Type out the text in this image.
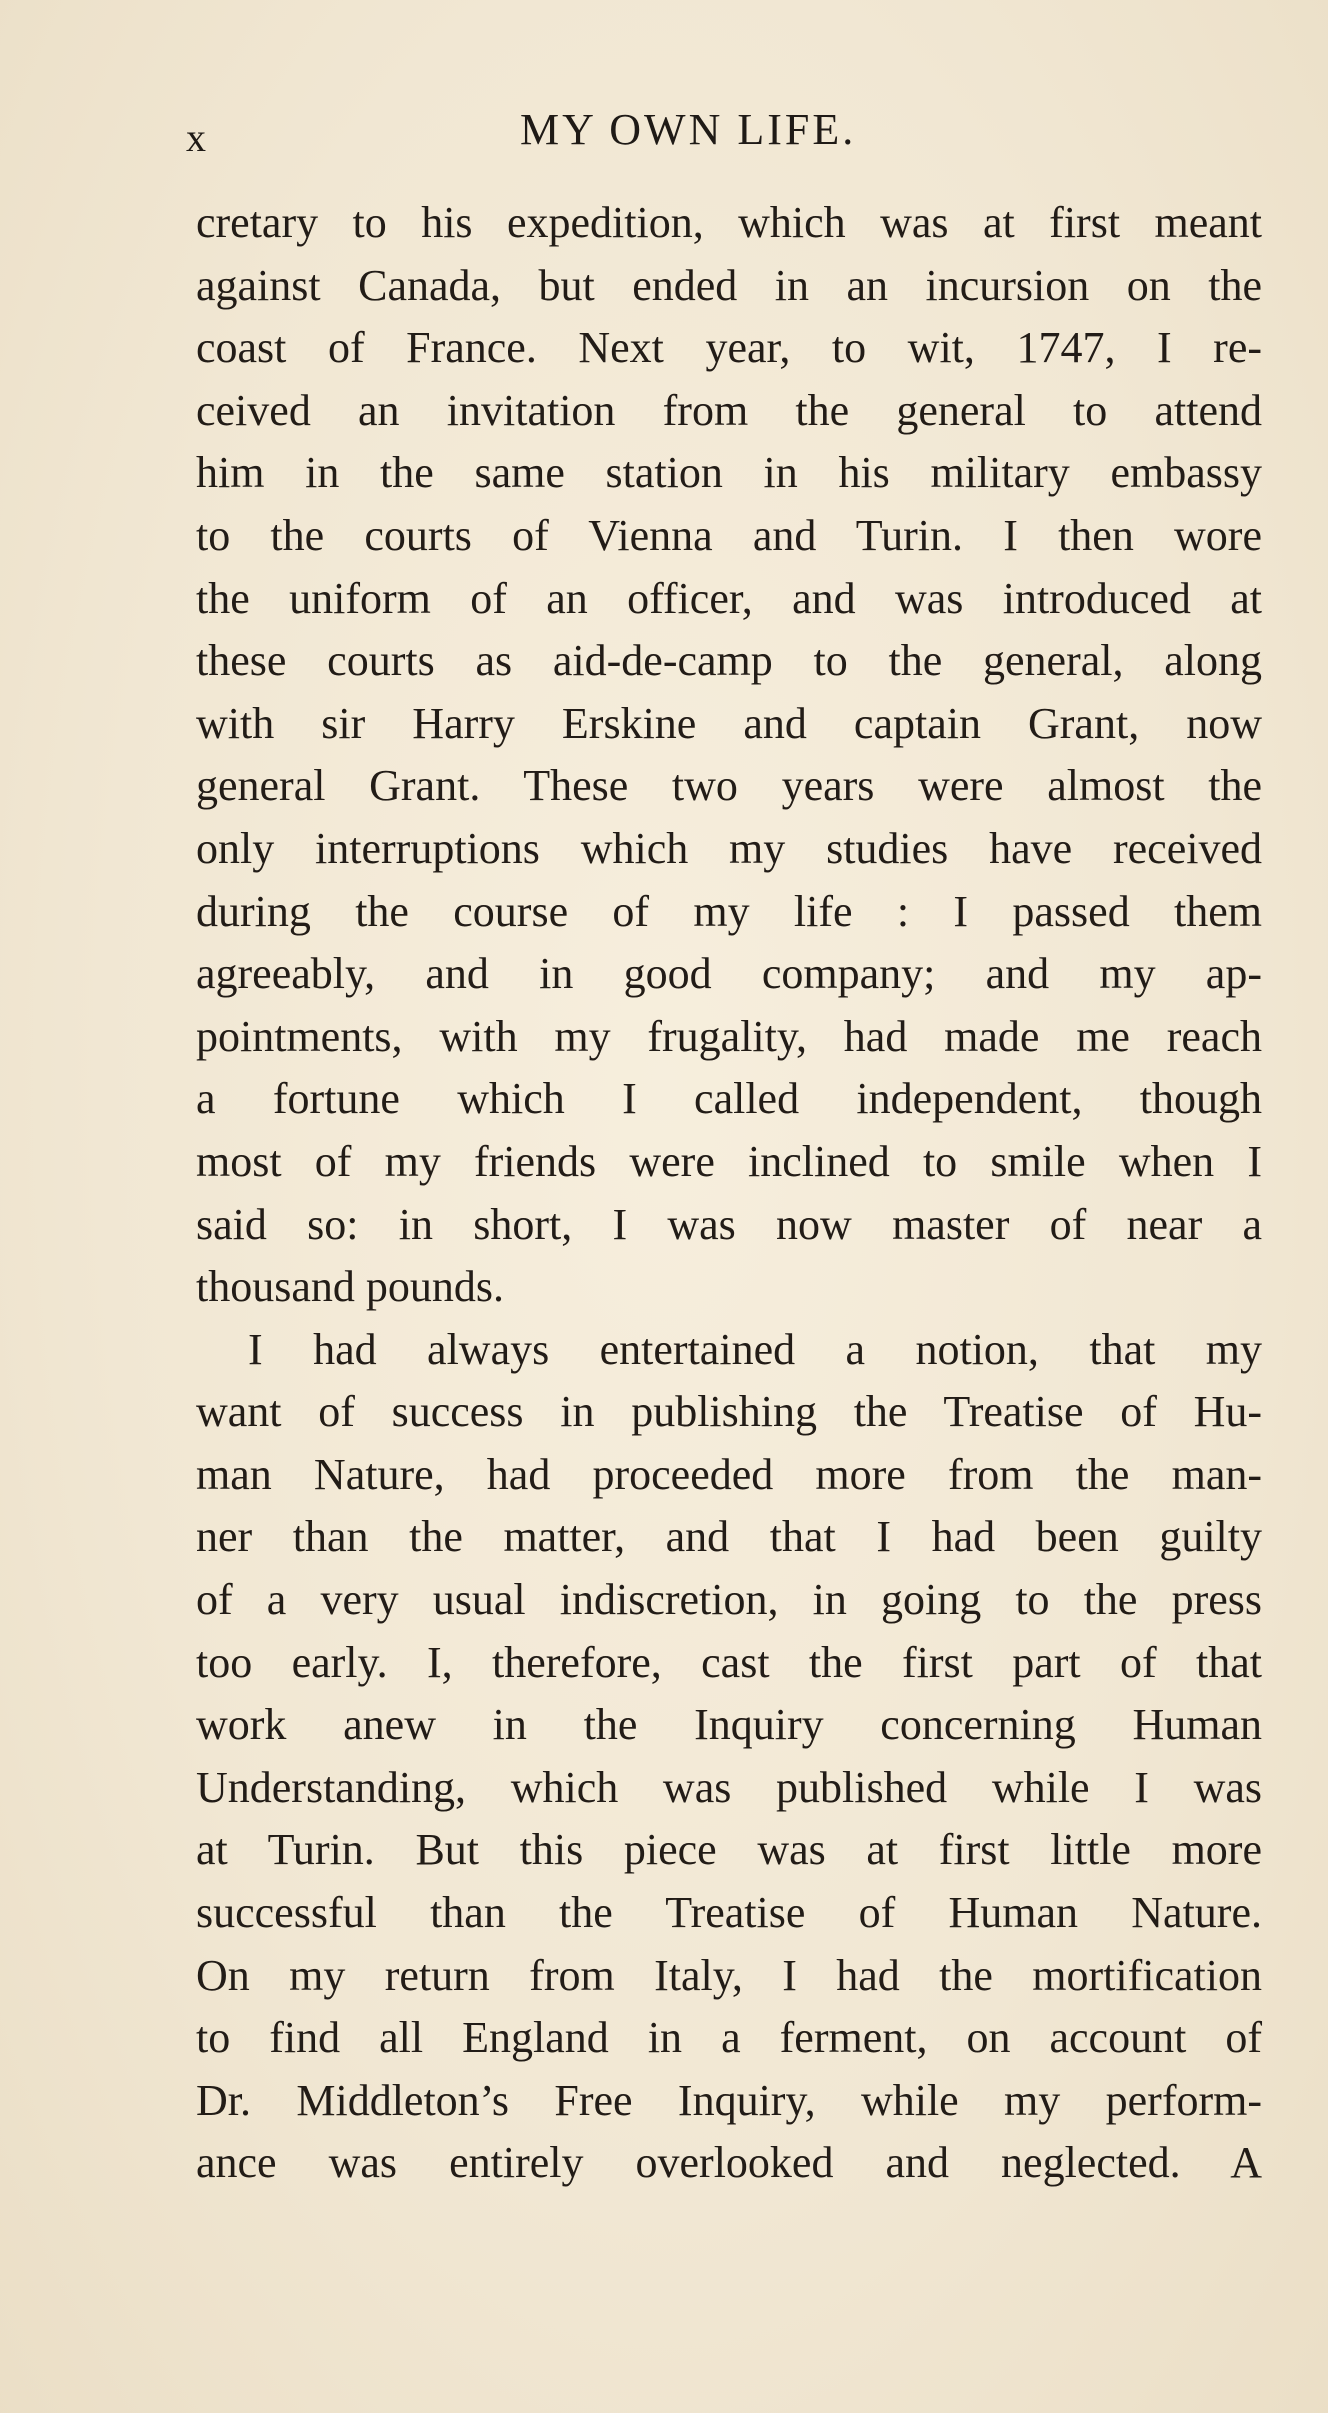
x	MY OWN LIFE.
cretary to his expedition, which was at first meant
against Canada, but ended in an incursion on the
coast of France. Next year, to wit, 1747, I re-
ceived an invitation from the general to attend
him in the same station in his military embassy
to the courts of Vienna and Turin. I then wore
the uniform of an officer, and was introduced at
these courts as aid-de-camp to the general, along
with sir Harry Erskine and captain Grant, now
general Grant. These two years were almost the
only interruptions which my studies have received
during the course of my life : I passed them
agreeably, and in good company; and my ap-
pointments, with my frugality, had made me reach
a fortune which I called independent, though
most of my friends were inclined to smile when I
said so: in short, I was now master of near a
thousand pounds.
I had always entertained a notion, that my
want of success in publishing the Treatise of Hu-
man Nature, had proceeded more from the man-
ner than the matter, and that I had been guilty
of a very usual indiscretion, in going to the press
too early. I, therefore, cast the first part of that
work anew in the Inquiry concerning Human
Understanding, which was published while I was
at Turin. But this piece was at first little more
successful than the Treatise of Human Nature.
On my return from Italy, I had the mortification
to find all England in a ferment, on account of
Dr. Middleton’s Free Inquiry, while my perform-
ance was entirely overlooked and neglected. A
